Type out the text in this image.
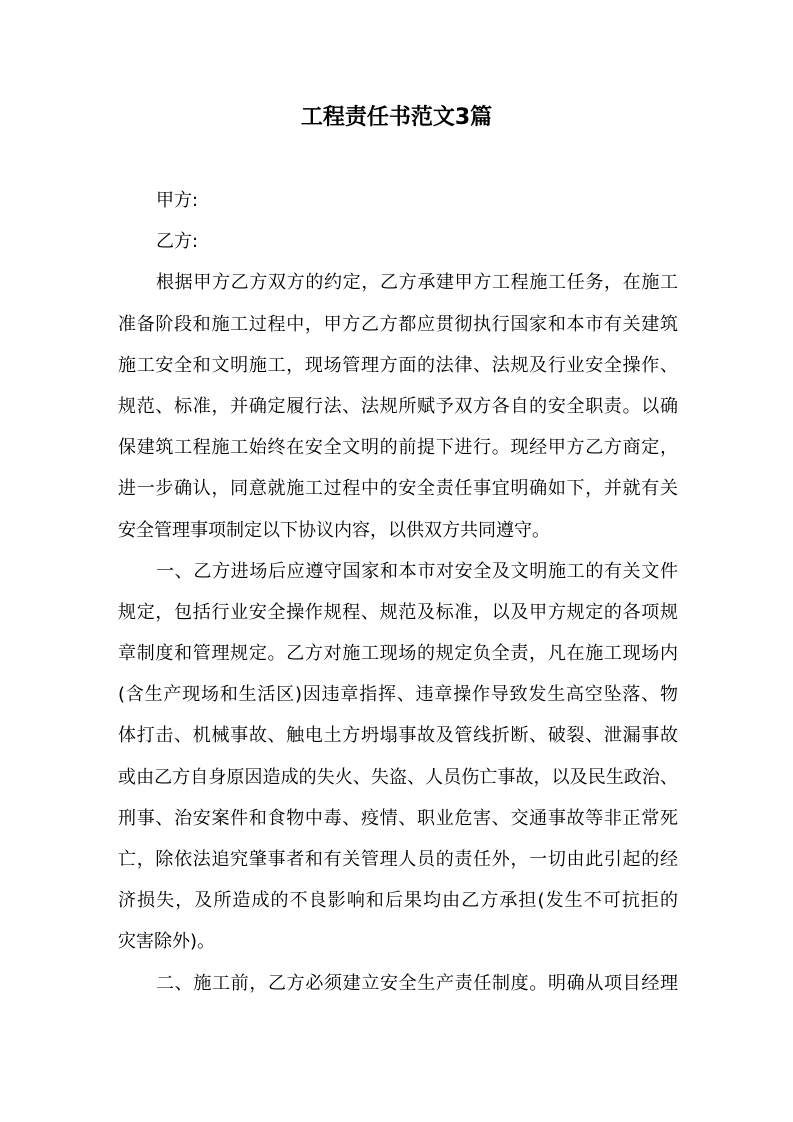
工程责任书范文3篇
甲方:
乙方:
根据甲方乙方双方的约定，乙方承建甲方工程施工任务，在施工
准备阶段和施工过程中，甲方乙方都应贯彻执行国家和本市有关建筑
施工安全和文明施工，现场管理方面的法律、法规及行业安全操作、
规范、标准，并确定履行法、法规所赋予双方各自的安全职责。以确
保建筑工程施工始终在安全文明的前提下进行。现经甲方乙方商定，
进一步确认，同意就施工过程中的安全责任事宜明确如下，并就有关
安全管理事项制定以下协议内容，以供双方共同遵守。
一、乙方进场后应遵守国家和本市对安全及文明施工的有关文件
规定，包括行业安全操作规程、规范及标准，以及甲方规定的各项规
章制度和管理规定。乙方对施工现场的规定负全责，凡在施工现场内
(含生产现场和生活区)因违章指挥、违章操作导致发生高空坠落、物
体打击、机械事故、触电土方坍塌事故及管线折断、破裂、泄漏事故
或由乙方自身原因造成的失火、失盗、人员伤亡事故，以及民生政治、
刑事、治安案件和食物中毒、疫情、职业危害、交通事故等非正常死
亡，除依法追究肇事者和有关管理人员的责任外，一切由此引起的经
济损失，及所造成的不良影响和后果均由乙方承担(发生不可抗拒的
灾害除外)。
二、施工前，乙方必须建立安全生产责任制度。明确从项目经理
